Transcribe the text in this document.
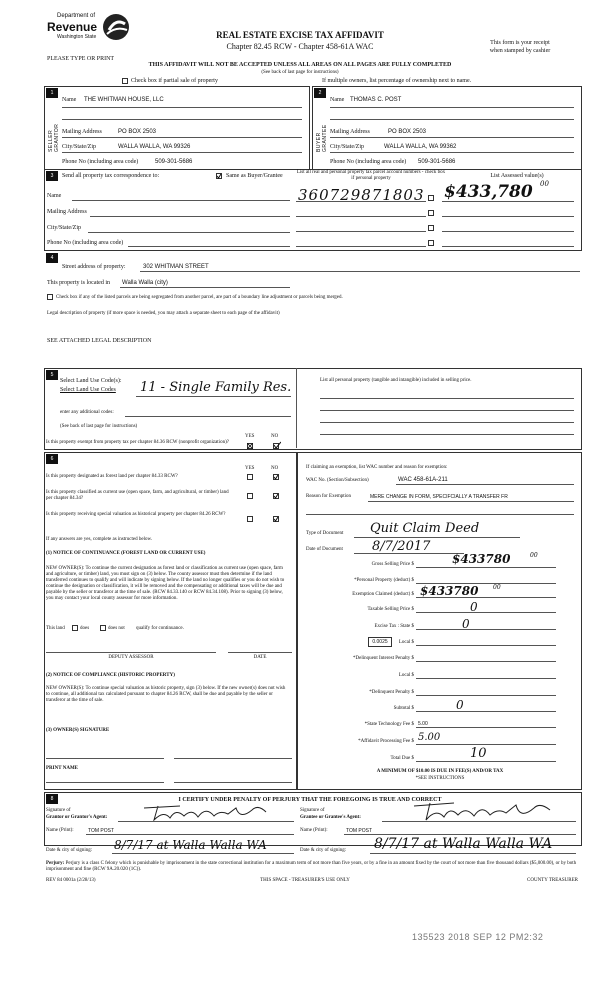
Department of
Revenue
Washington State
PLEASE TYPE OR PRINT
REAL ESTATE EXCISE TAX AFFIDAVIT
Chapter 82.45 RCW - Chapter 458-61A WAC	This form is your receipt
when stamped by cashier
THIS AFFIDAVIT WILL NOT BE ACCEPTED UNLESS ALL AREAS ON ALL PAGES ARE FULLY COMPLETED
(See back of last page for instructions)
Check box if partial sale of property	If multiple owners, list percentage of ownership next to name.
1	2
SELLER GRANTOR	BUYER GRANTEE
Name THE WHITMAN HOUSE, LLC
Mailing Address	PO BOX 2503
City/State/Zip	WALLA WALLA, WA 99326
Phone No (including area code)	509-301-5686
Name THOMAS C. POST
Mailing Address	PO BOX 2503
City/State/Zip	WALLA WALLA, WA 99362
Phone No (including area code) 509-301-5686
3	Send all property tax correspondence to:	Same as Buyer/Grantee
List all real and personal property tax parcel account numbers - check box if personal property	List Assessed value(s)
Name
Mailing Address
City/State/Zip
Phone No (including area code)
360729871803 $433,780 00
4
Street address of property:	302 WHITMAN STREET
This property is located in Walla Walla (city)
Check box if any of the listed parcels are being segregated from another parcel, are part of a boundary line adjustment or parcels being merged.
Legal description of property (if more space is needed, you may attach a separate sheet to each page of the affidavit)
SEE ATTACHED LEGAL DESCRIPTION
5
Select Land Use Code(s):
Select Land Use Codes 11 - Single Family Res.
enter any additional codes:
(See back of last page for instructions)
YES	NO
Is this property exempt from property tax per chapter 84.36 RCW (nonprofit organization)?
List all personal property (tangible and intangible) included in selling price.
6
YES	NO
Is this property designated as forest land per chapter 84.33 RCW?
Is this property classified as current use (open space, farm, and agricultural, or timber) land per chapter 84.34?
Is this property receiving special valuation as historical property per chapter 84.26 RCW?
If any answers are yes, complete as instructed below.
(1) NOTICE OF CONTINUANCE (FOREST LAND OR CURRENT USE)
NEW OWNER(S): To continue the current designation as forest land or classification as current use (open space, farm and agriculture, or timber) land, you must sign on (3) below. The county assessor must then determine if the land transferred continues to qualify and will indicate by signing below. If the land no longer qualifies or you do not wish to continue the designation or classification, it will be removed and the compensating or additional taxes will be due and payable by the seller or transferor at the time of sale. (RCW 84.33.140 or RCW 84.34.108). Prior to signing (3) below, you may contact your local county assessor for more information.
This land	does	does not qualify for continuance.
DEPUTY ASSESSOR	DATE
(2) NOTICE OF COMPLIANCE (HISTORIC PROPERTY)
NEW OWNER(S): To continue special valuation as historic property, sign (3) below. If the new owner(s) does not wish to continue, all additional tax calculated pursuant to chapter 84.26 RCW, shall be due and payable by the seller or transferor at the time of sale.
(3) OWNER(S) SIGNATURE
PRINT NAME
If claiming an exemption, list WAC number and reason for exemption:
WAC No. (Section/Subsection)	WAC 458-61A-211
Reason for Exemption	MERE CHANGE IN FORM, SPECIFCIALLY A TRANSFER FR
Type of Document Quit Claim Deed
Date of Document 8/7/2017
Gross Selling Price $	$433780	00
*Personal Property (deduct) $
Exemption Claimed (deduct) $ $433780 00
Taxable Selling Price $	0
Excise Tax : State $	0
0.0025	Local $
*Delinquent Interest Penalty $
Local $
*Delinquent Penalty $
Subtotal $	0
*State Technology Fee $ 5.00
*Affidavit Processing Fee $ 5.00
Total Due $	10
A MINIMUM OF $10.00 IS DUE IN FEE(S) AND/OR TAX
*SEE INSTRUCTIONS
8	I CERTIFY UNDER PENALTY OF PERJURY THAT THE FOREGOING IS TRUE AND CORRECT
Signature of
Grantor or Grantor's Agent:
Signature of
Grantee or Grantee's Agent:
Name (Print):	TOM POST	Name (Print):	TOM POST
Date & city of signing: 8/7/17 at Walla Walla WA	Date & city of signing: 8/7/17 at Walla Walla WA
Perjury: Perjury is a class C felony which is punishable by imprisonment in the state correctional institution for a maximum term of not more than five years, or by a fine in an amount fixed by the court of not more than five thousand dollars ($5,000.00), or by both imprisonment and fine (RCW 9A.20.020 (1C)).
REV 84 0001a (2/28/13)	THIS SPACE - TREASURER'S USE ONLY	COUNTY TREASURER
135523 2018 SEP 12 PM2:32
